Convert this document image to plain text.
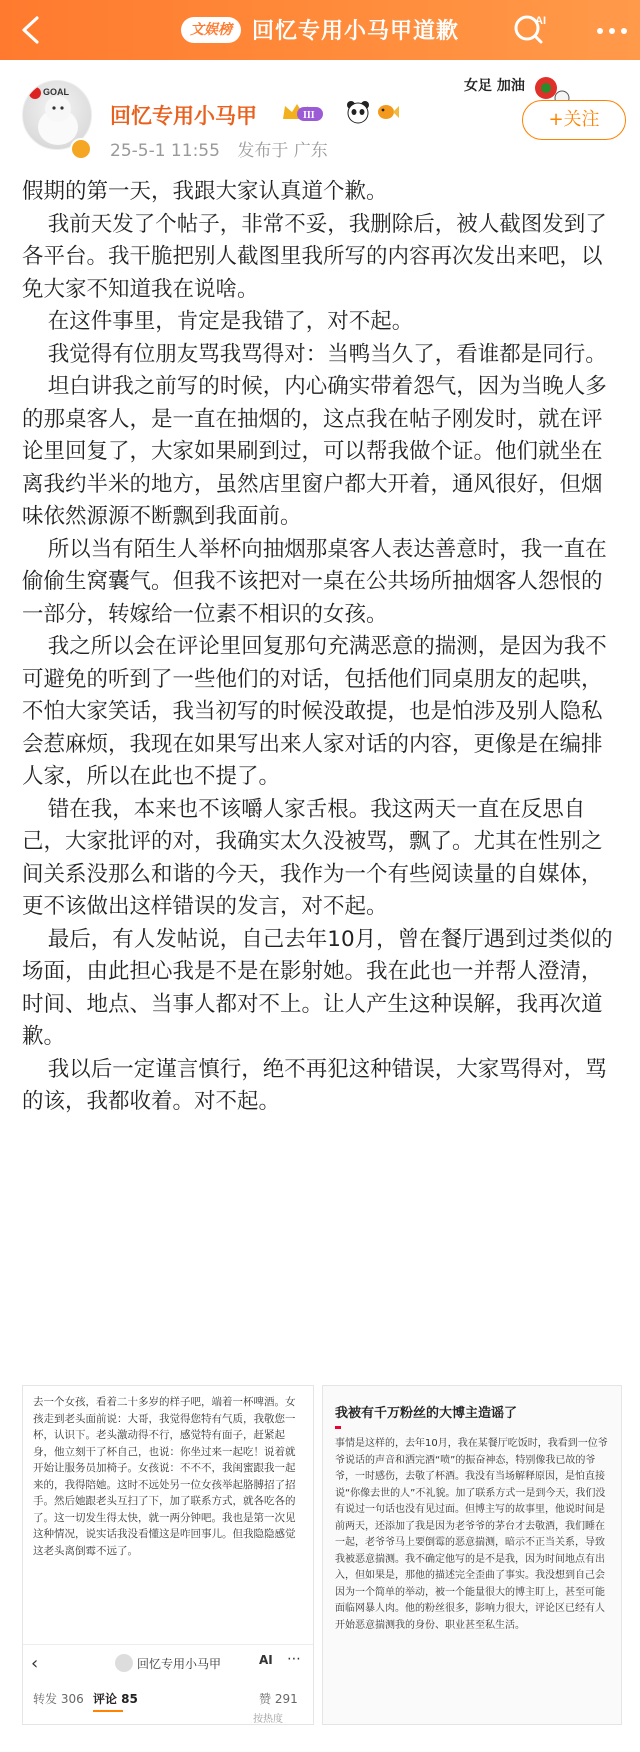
文娱榜 回忆专用小马甲道歉	AI
GOAL
回忆专用小马甲	III
25-5-1 11:55 发布于 广东
女足 加油
+关注

假期的第一天，我跟大家认真道个歉。

我前天发了个帖子，非常不妥，我删除后，被人截图发到了各平台。我干脆把别人截图里我所写的内容再次发出来吧，以免大家不知道我在说啥。

在这件事里，肯定是我错了，对不起。

我觉得有位朋友骂我骂得对：当鸭当久了，看谁都是同行。

坦白讲我之前写的时候，内心确实带着怨气，因为当晚人多的那桌客人，是一直在抽烟的，这点我在帖子刚发时，就在评论里回复了，大家如果刷到过，可以帮我做个证。他们就坐在离我约半米的地方，虽然店里窗户都大开着，通风很好，但烟味依然源源不断飘到我面前。

所以当有陌生人举杯向抽烟那桌客人表达善意时，我一直在偷偷生窝囊气。但我不该把对一桌在公共场所抽烟客人怨恨的一部分，转嫁给一位素不相识的女孩。

我之所以会在评论里回复那句充满恶意的揣测，是因为我不可避免的听到了一些他们的对话，包括他们同桌朋友的起哄，不怕大家笑话，我当初写的时候没敢提，也是怕涉及别人隐私会惹麻烦，我现在如果写出来人家对话的内容，更像是在编排人家，所以在此也不提了。

错在我，本来也不该嚼人家舌根。我这两天一直在反思自己，大家批评的对，我确实太久没被骂，飘了。尤其在性别之间关系没那么和谐的今天，我作为一个有些阅读量的自媒体，更不该做出这样错误的发言，对不起。

最后，有人发帖说，自己去年10月，曾在餐厅遇到过类似的场面，由此担心我是不是在影射她。我在此也一并帮人澄清，时间、地点、当事人都对不上。让人产生这种误解，我再次道歉。

我以后一定谨言慎行，绝不再犯这种错误，大家骂得对，骂的该，我都收着。对不起。

去一个女孩，看着二十多岁的样子吧，端着一杯啤酒。女孩走到老头面前说：大哥，我觉得您特有气质，我敬您一杯，认识下。老头激动得不行，感觉特有面子，赶紧起身，他立刻干了杯自己，也说：你坐过来一起吃！说着就开始让服务员加椅子。女孩说：不不不，我闺蜜跟我一起来的，我得陪她。这时不远处另一位女孩举起胳膊招了招手。然后她跟老头互扫了下，加了联系方式，就各吃各的了。这一切发生得太快，就一两分钟吧。我也是第一次见这种情况，说实话我没看懂这是咋回事儿。但我隐隐感觉这老头离倒霉不远了。
‹	回忆专用小马甲	AI ⋯
转发 306 评论 85	赞 291
按热度
我被有千万粉丝的大博主造谣了
事情是这样的，去年10月，我在某餐厅吃饭时，我看到一位爷爷说话的声音和洒完酒“喷”的振奋神态，特别像我已故的爷爷，一时感伤，去敬了杯酒。我没有当场解释原因，是怕直接说“你像去世的人”不礼貌。加了联系方式一是到今天，我们没有说过一句话也没有见过面。但博主写的故事里，他说时间是前两天，还添加了我是因为老爷爷的茅台才去敬酒，我们睡在一起，老爷爷马上要倒霉的恶意揣测，暗示不正当关系，导致我被恶意揣测。我不确定他写的是不是我，因为时间地点有出入，但如果是，那他的描述完全歪曲了事实。我没想到自己会因为一个简单的举动，被一个能量很大的博主盯上，甚至可能面临网暴人肉。他的粉丝很多，影响力很大，评论区已经有人开始恶意揣测我的身份、职业甚至私生活。
